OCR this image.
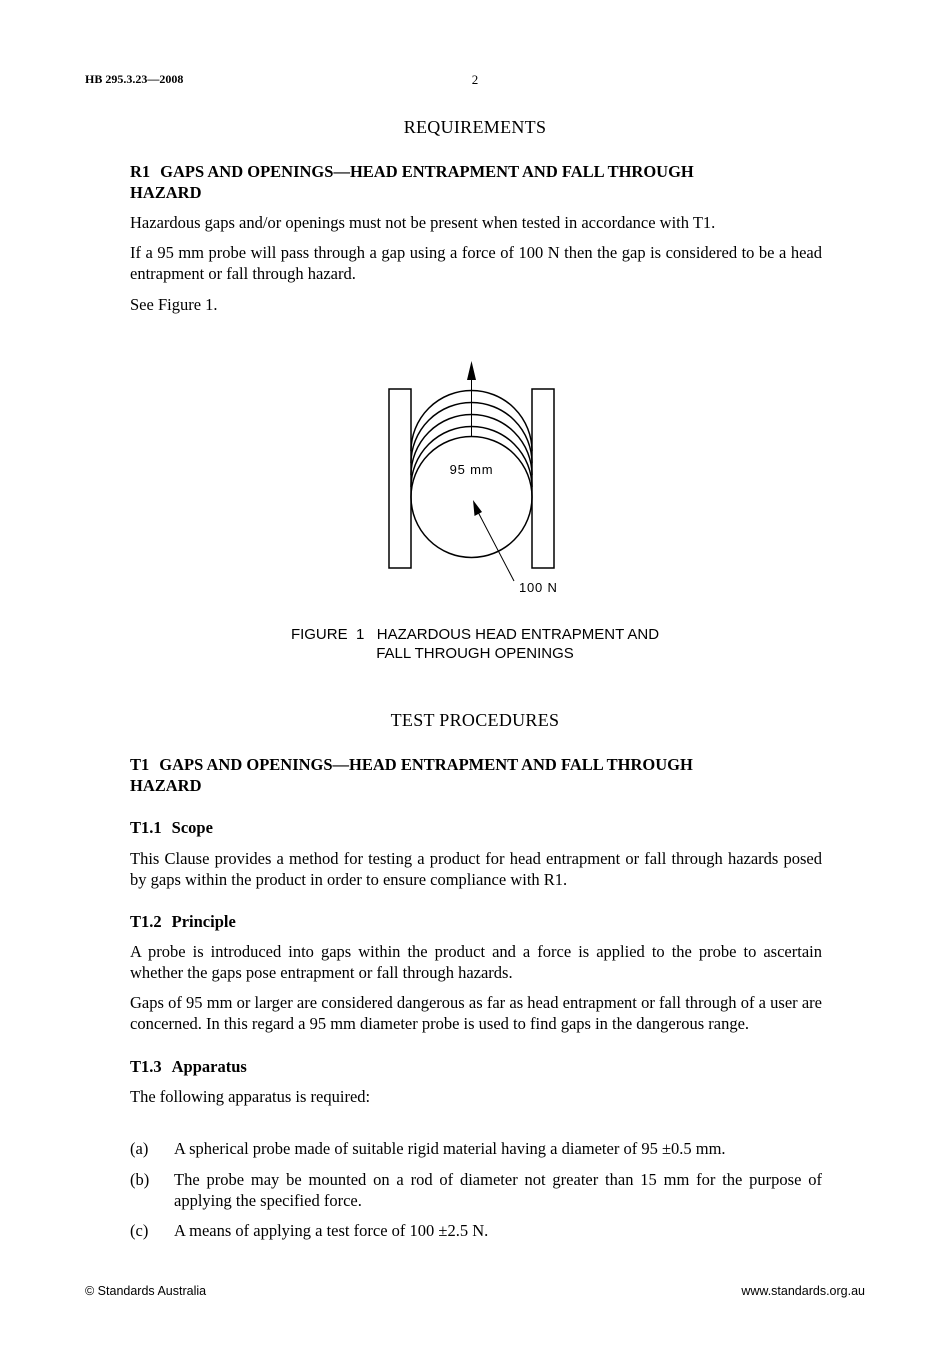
HB 295.3.23—2008	2
REQUIREMENTS
R1 GAPS AND OPENINGS—HEAD ENTRAPMENT AND FALL THROUGH
HAZARD

Hazardous gaps and/or openings must not be present when tested in accordance with T1.

If a 95 mm probe will pass through a gap using a force of 100 N then the gap is considered to be a head entrapment or fall through hazard.

See Figure 1.

95 mm
100 N
FIGURE  1   HAZARDOUS HEAD ENTRAPMENT AND
FALL THROUGH OPENINGS
TEST PROCEDURES
T1 GAPS AND OPENINGS—HEAD ENTRAPMENT AND FALL THROUGH
HAZARD
T1.1 Scope

This Clause provides a method for testing a product for head entrapment or fall through hazards posed by gaps within the product in order to ensure compliance with R1.

T1.2 Principle

A probe is introduced into gaps within the product and a force is applied to the probe to ascertain whether the gaps pose entrapment or fall through hazards.

Gaps of 95 mm or larger are considered dangerous as far as head entrapment or fall through of a user are concerned. In this regard a 95 mm diameter probe is used to find gaps in the dangerous range.

T1.3 Apparatus

The following apparatus is required:

(a) A spherical probe made of suitable rigid material having a diameter of 95 ±0.5 mm.

(b) The probe may be mounted on a rod of diameter not greater than 15 mm for the purpose of applying the specified force.

(c) A means of applying a test force of 100 ±2.5 N.

© Standards Australia	www.standards.org.au
